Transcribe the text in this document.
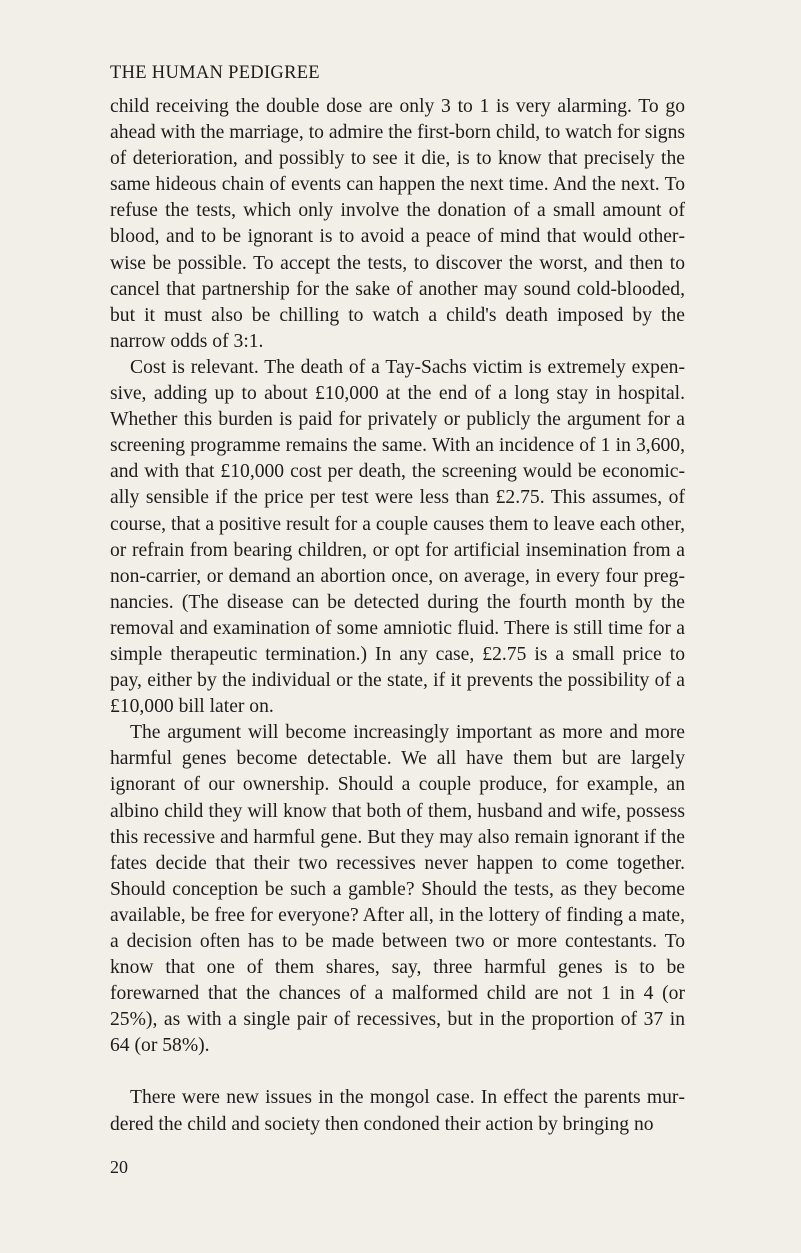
THE HUMAN PEDIGREE

child receiving the double dose are only 3 to 1 is very alarming. To go ahead with the marriage, to admire the first-born child, to watch for signs of deterioration, and possibly to see it die, is to know that precisely the same hideous chain of events can happen the next time. And the next. To refuse the tests, which only involve the donation of a small amount of blood, and to be ignorant is to avoid a peace of mind that would otherwise be possible. To accept the tests, to discover the worst, and then to cancel that partnership for the sake of another may sound cold-blooded, but it must also be chilling to watch a child's death imposed by the narrow odds of 3:1.

Cost is relevant. The death of a Tay-Sachs victim is extremely expensive, adding up to about £10,000 at the end of a long stay in hospital. Whether this burden is paid for privately or publicly the argument for a screening programme remains the same. With an incidence of 1 in 3,600, and with that £10,000 cost per death, the screening would be economically sensible if the price per test were less than £2.75. This assumes, of course, that a positive result for a couple causes them to leave each other, or refrain from bearing children, or opt for artificial insemination from a non-carrier, or demand an abortion once, on average, in every four pregnancies. (The disease can be detected during the fourth month by the removal and examination of some amniotic fluid. There is still time for a simple therapeutic termination.) In any case, £2.75 is a small price to pay, either by the individual or the state, if it prevents the possibility of a £10,000 bill later on.

The argument will become increasingly important as more and more harmful genes become detectable. We all have them but are largely ignorant of our ownership. Should a couple produce, for example, an albino child they will know that both of them, husband and wife, possess this recessive and harmful gene. But they may also remain ignorant if the fates decide that their two recessives never happen to come together. Should conception be such a gamble? Should the tests, as they become available, be free for everyone? After all, in the lottery of finding a mate, a decision often has to be made between two or more contestants. To know that one of them shares, say, three harmful genes is to be forewarned that the chances of a malformed child are not 1 in 4 (or 25%), as with a single pair of recessives, but in the proportion of 37 in 64 (or 58%).

There were new issues in the mongol case. In effect the parents murdered the child and society then condoned their action by bringing no

20
